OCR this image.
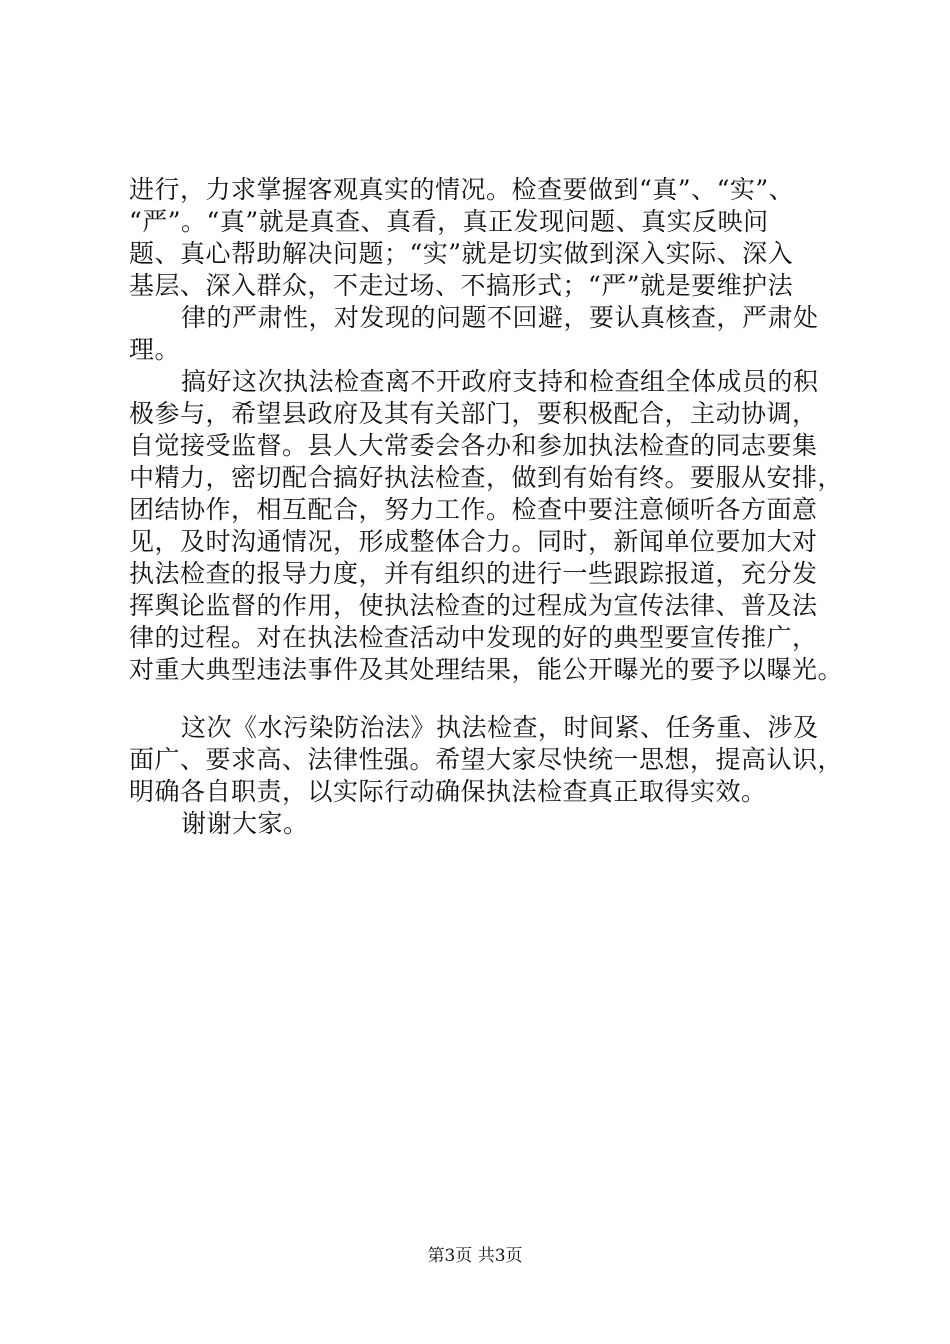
进行，力求掌握客观真实的情况。检查要做到“真”、“实”、
“严”。“真”就是真查、真看，真正发现问题、真实反映问
题、真心帮助解决问题；“实”就是切实做到深入实际、深入
基层、深入群众，不走过场、不搞形式；“严”就是要维护法
律的严肃性，对发现的问题不回避，要认真核查，严肃处
理。
搞好这次执法检查离不开政府支持和检查组全体成员的积
极参与，希望县政府及其有关部门，要积极配合，主动协调，
自觉接受监督。县人大常委会各办和参加执法检查的同志要集
中精力，密切配合搞好执法检查，做到有始有终。要服从安排，
团结协作，相互配合，努力工作。检查中要注意倾听各方面意
见，及时沟通情况，形成整体合力。同时，新闻单位要加大对
执法检查的报导力度，并有组织的进行一些跟踪报道，充分发
挥舆论监督的作用，使执法检查的过程成为宣传法律、普及法
律的过程。对在执法检查活动中发现的好的典型要宣传推广，
对重大典型违法事件及其处理结果，能公开曝光的要予以曝光。
这次《水污染防治法》执法检查，时间紧、任务重、涉及
面广、要求高、法律性强。希望大家尽快统一思想，提高认识，
明确各自职责，以实际行动确保执法检查真正取得实效。
谢谢大家。
第3页 共3页
